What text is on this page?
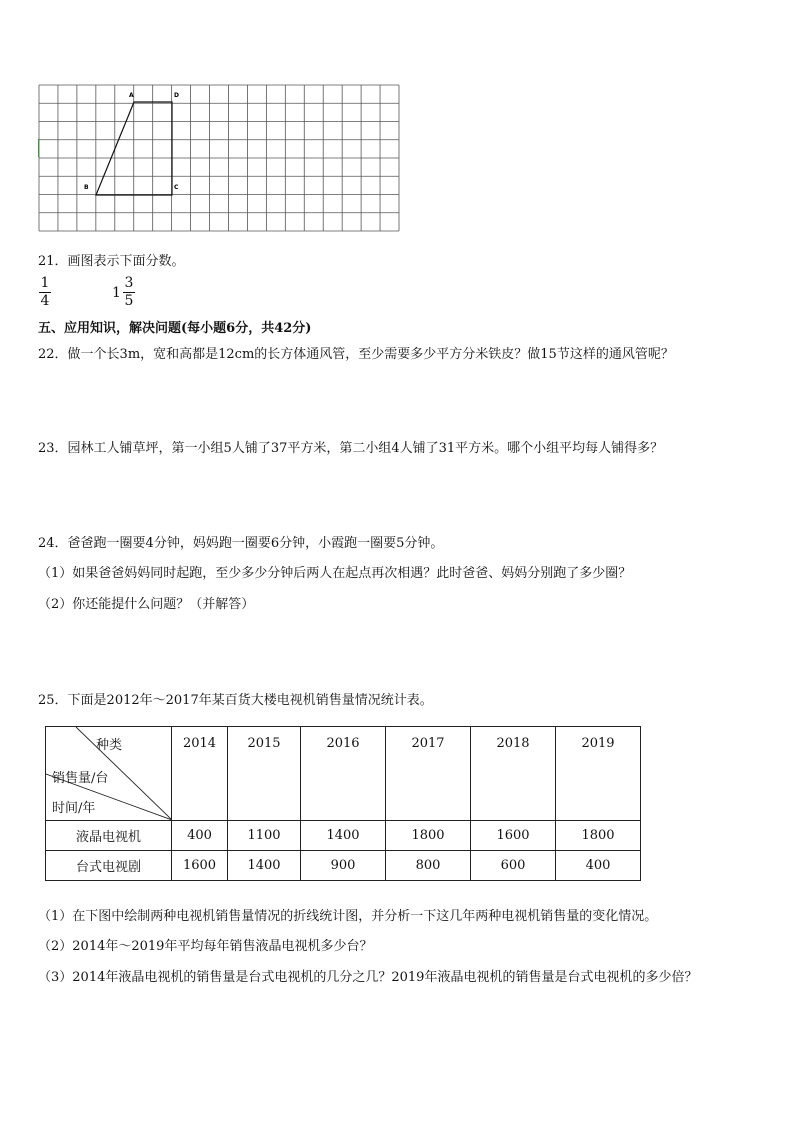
A	D
B	C
21．画图表示下面分数。
1
4
$1 \frac{3}{5}$
五、应用知识，解决问题(每小题6分，共42分)
22．做一个长3m，宽和高都是12cm的长方体通风管，至少需要多少平方分米铁皮？做15节这样的通风管呢？
23．园林工人铺草坪，第一小组5人铺了37平方米，第二小组4人铺了31平方米。哪个小组平均每人铺得多？
24．爸爸跑一圈要4分钟，妈妈跑一圈要6分钟，小霞跑一圈要5分钟。
（1）如果爸爸妈妈同时起跑，至少多少分钟后两人在起点再次相遇？此时爸爸、妈妈分别跑了多少圈？
（2）你还能提什么问题？（并解答）
25．下面是2012年～2017年某百货大楼电视机销售量情况统计表。
种类
销售量/台
时间/年	2014	2015	2016	2017	2018	2019
液晶电视机	400	1100	1400	1800	1600	1800
台式电视剧	1600	1400	900	800	600	400
（1）在下图中绘制两种电视机销售量情况的折线统计图，并分析一下这几年两种电视机销售量的变化情况。
（2）2014年～2019年平均每年销售液晶电视机多少台？
（3）2014年液晶电视机的销售量是台式电视机的几分之几？2019年液晶电视机的销售量是台式电视机的多少倍？
